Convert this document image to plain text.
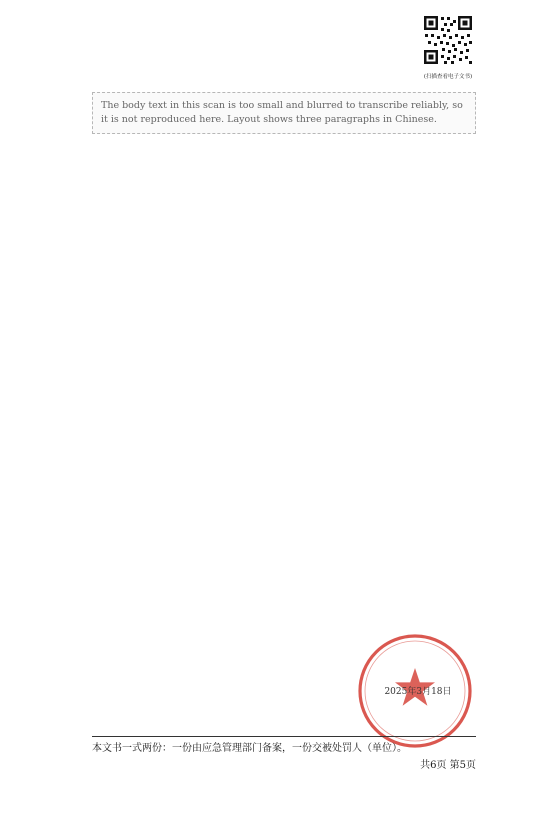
(扫描查看电子文书)
The body text in this scan is too small and blurred to transcribe reliably, so it is not reproduced here. Layout shows three paragraphs in Chinese.

2025年3月18日
本文书一式两份：一份由应急管理部门备案，一份交被处罚人（单位）。
共6页 第5页
